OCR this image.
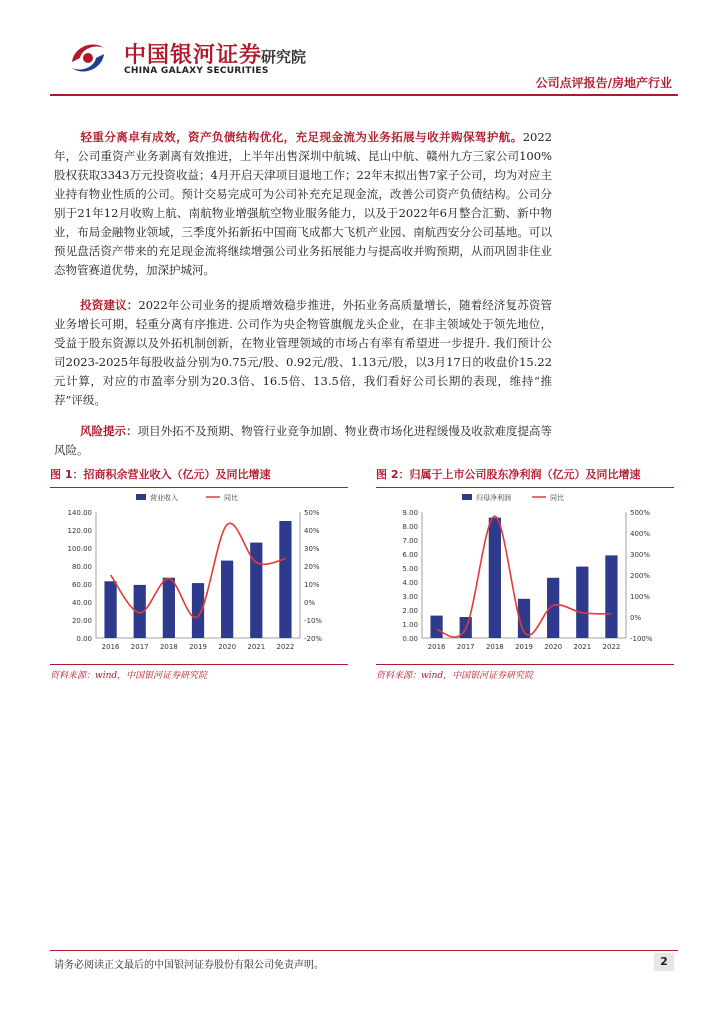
中国银河证券
CHINA GALAXY SECURITIES
研究院
公司点评报告/房地产行业
轻重分离卓有成效，资产负债结构优化，充足现金流为业务拓展与收并购保驾护航。2022年，公司重资产业务剥离有效推进，上半年出售深圳中航城、昆山中航、赣州九方三家公司100%股权获取3343万元投资收益；4月开启天津项目退地工作；22年末拟出售7家子公司，均为对应主业持有物业性质的公司。预计交易完成可为公司补充充足现金流，改善公司资产负债结构。公司分别于21年12月收购上航、南航物业增强航空物业服务能力，以及于2022年6月整合汇勤、新中物业，布局金融物业领域，三季度外拓新拓中国商飞成都大飞机产业园、南航西安分公司基地。可以预见盘活资产带来的充足现金流将继续增强公司业务拓展能力与提高收并购预期，从而巩固非住业态物管赛道优势，加深护城河。
投资建议：2022年公司业务的提质增效稳步推进，外拓业务高质量增长，随着经济复苏资管业务增长可期，轻重分离有序推进. 公司作为央企物管旗舰龙头企业，在非主领域处于领先地位，受益于股东资源以及外拓机制创新，在物业管理领域的市场占有率有希望进一步提升. 我们预计公司2023-2025年每股收益分别为0.75元/股、0.92元/股、1.13元/股，以3月17日的收盘价15.22元计算，对应的市盈率分别为20.3倍、16.5倍、13.5倍，我们看好公司长期的表现，维持“推荐”评级。
风险提示：项目外拓不及预期、物管行业竞争加剧、物业费市场化进程缓慢及收款难度提高等风险。
图 1：招商积余营业收入（亿元）及同比增速
营业收入	同比
0.00
20.00
40.00
60.00
80.00
100.00
120.00
140.00
-20%
-10%
0%
10%
20%
30%
40%
50%
2016 2017 2018 2019 2020 2021 2022
资料来源：wind，中国银河证券研究院
图 2：归属于上市公司股东净利润（亿元）及同比增速
归母净利润	同比
0.00
1.00
2.00
3.00
4.00
5.00
6.00
7.00
8.00
9.00
-100%
0%
100%
200%
300%
400%
500%
2016 2017 2018 2019 2020 2021 2022
资料来源：wind，中国银河证券研究院
请务必阅读正文最后的中国银河证券股份有限公司免责声明。	2
